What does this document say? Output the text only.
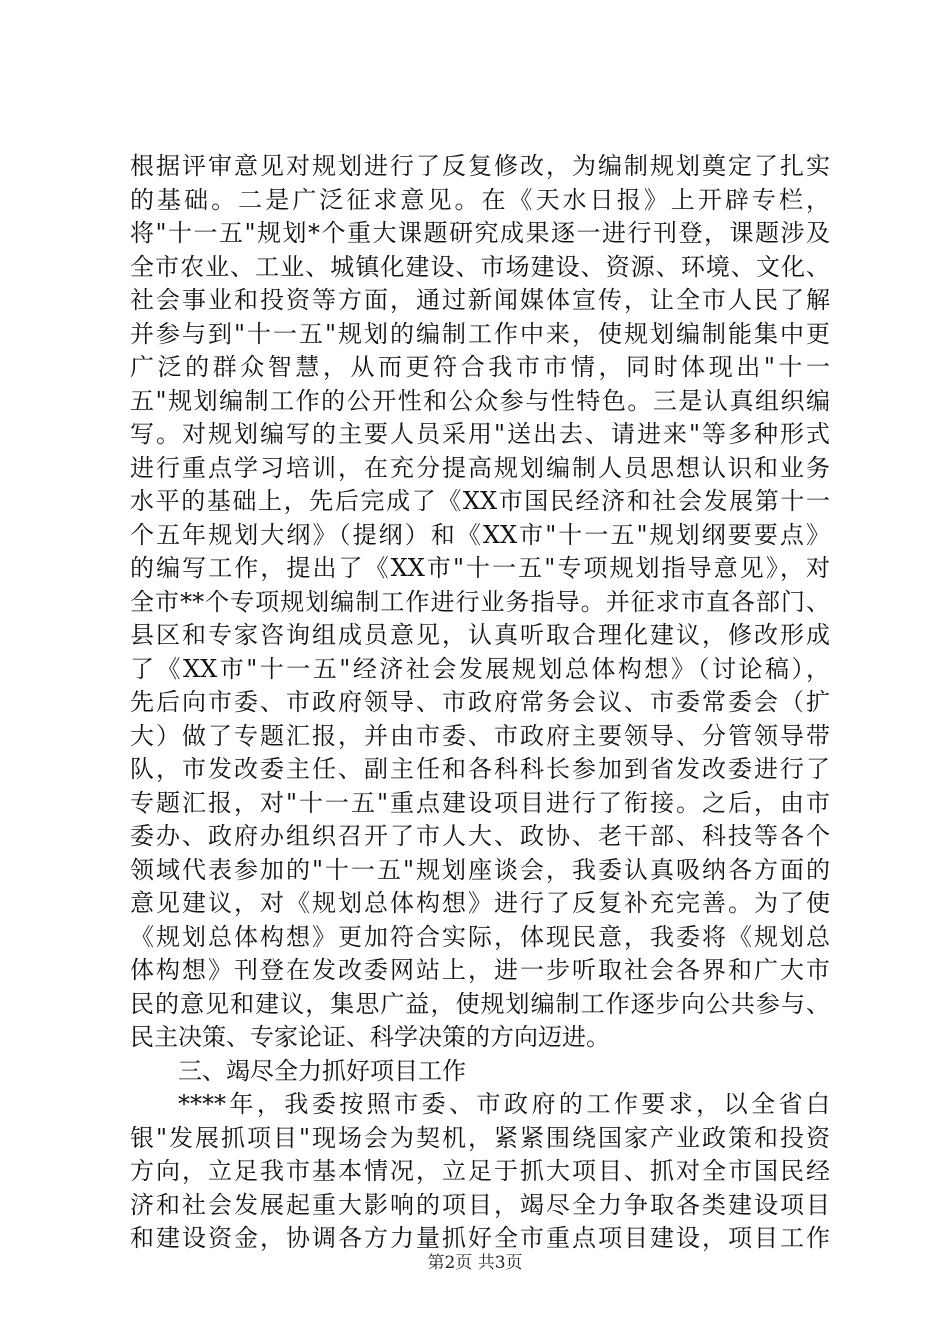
根据评审意见对规划进行了反复修改，为编制规划奠定了扎实
的基础。二是广泛征求意见。在《天水日报》上开辟专栏，
将"十一五"规划*个重大课题研究成果逐一进行刊登，课题涉及
全市农业、工业、城镇化建设、市场建设、资源、环境、文化、
社会事业和投资等方面，通过新闻媒体宣传，让全市人民了解
并参与到"十一五"规划的编制工作中来，使规划编制能集中更
广泛的群众智慧，从而更符合我市市情，同时体现出"十一
五"规划编制工作的公开性和公众参与性特色。三是认真组织编
写。对规划编写的主要人员采用"送出去、请进来"等多种形式
进行重点学习培训，在充分提高规划编制人员思想认识和业务
水平的基础上，先后完成了《XX市国民经济和社会发展第十一
个五年规划大纲》（提纲）和《XX市"十一五"规划纲要要点》
的编写工作，提出了《XX市"十一五"专项规划指导意见》，对
全市**个专项规划编制工作进行业务指导。并征求市直各部门、
县区和专家咨询组成员意见，认真听取合理化建议，修改形成
了《XX市"十一五"经济社会发展规划总体构想》（讨论稿），
先后向市委、市政府领导、市政府常务会议、市委常委会（扩
大）做了专题汇报，并由市委、市政府主要领导、分管领导带
队，市发改委主任、副主任和各科科长参加到省发改委进行了
专题汇报，对"十一五"重点建设项目进行了衔接。之后，由市
委办、政府办组织召开了市人大、政协、老干部、科技等各个
领域代表参加的"十一五"规划座谈会，我委认真吸纳各方面的
意见建议，对《规划总体构想》进行了反复补充完善。为了使
《规划总体构想》更加符合实际，体现民意，我委将《规划总
体构想》刊登在发改委网站上，进一步听取社会各界和广大市
民的意见和建议，集思广益，使规划编制工作逐步向公共参与、
民主决策、专家论证、科学决策的方向迈进。
三、竭尽全力抓好项目工作
****年，我委按照市委、市政府的工作要求，以全省白
银"发展抓项目"现场会为契机，紧紧围绕国家产业政策和投资
方向，立足我市基本情况，立足于抓大项目、抓对全市国民经
济和社会发展起重大影响的项目，竭尽全力争取各类建设项目
和建设资金，协调各方力量抓好全市重点项目建设，项目工作
第2页 共3页
